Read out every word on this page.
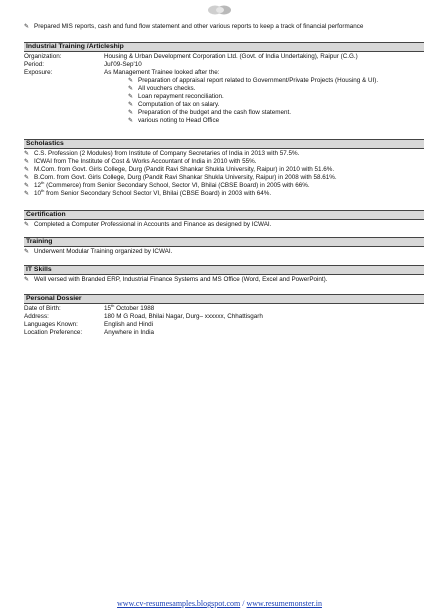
✎ Prepared MIS reports, cash and fund flow statement and other various reports to keep a track of financial performance
Industrial Training /Articleship
Organization:	Housing & Urban Development Corporation Ltd. (Govt. of India Undertaking), Raipur (C.G.)
Period:	Jul'09-Sep'10
Exposure:	As Management Trainee looked after the:
✎ Preparation of appraisal report related to Government/Private Projects (Housing & UI).
✎ All vouchers checks.
✎ Loan repayment reconciliation.
✎ Computation of tax on salary.
✎ Preparation of the budget and the cash flow statement.
✎ various noting to Head Office
Scholastics
✎ C.S. Profession (2 Modules) from Institute of Company Secretaries of India in 2013 with 57.5%.
✎ ICWAI from The Institute of Cost & Works Accountant of India in 2010 with 55%.
✎ M.Com. from Govt. Girls College, Durg (Pandit Ravi Shankar Shukla University, Raipur) in 2010 with 51.6%.
✎ B.Com. from Govt. Girls College, Durg (Pandit Ravi Shankar Shukla University, Raipur) in 2008 with 58.61%.
✎ 12th (Commerce) from Senior Secondary School, Sector VI, Bhilai (CBSE Board) in 2005 with 66%.
✎ 10th from Senior Secondary School Sector VI, Bhilai (CBSE Board) in 2003 with 64%.
Certification
✎ Completed a Computer Professional in Accounts and Finance as designed by ICWAI.
Training
✎ Underwent Modular Training organized by ICWAI.
IT Skills
✎ Well versed with Branded ERP, Industrial Finance Systems and MS Office (Word, Excel and PowerPoint).
Personal Dossier
Date of Birth:	15th October 1988
Address:	180 M G Road, Bhilai Nagar, Durg– xxxxxx, Chhattisgarh
Languages Known:	English and Hindi
Location Preference:	Anywhere in India
www.cv-resumesamples.blogspot.com / www.resumemonster.in
